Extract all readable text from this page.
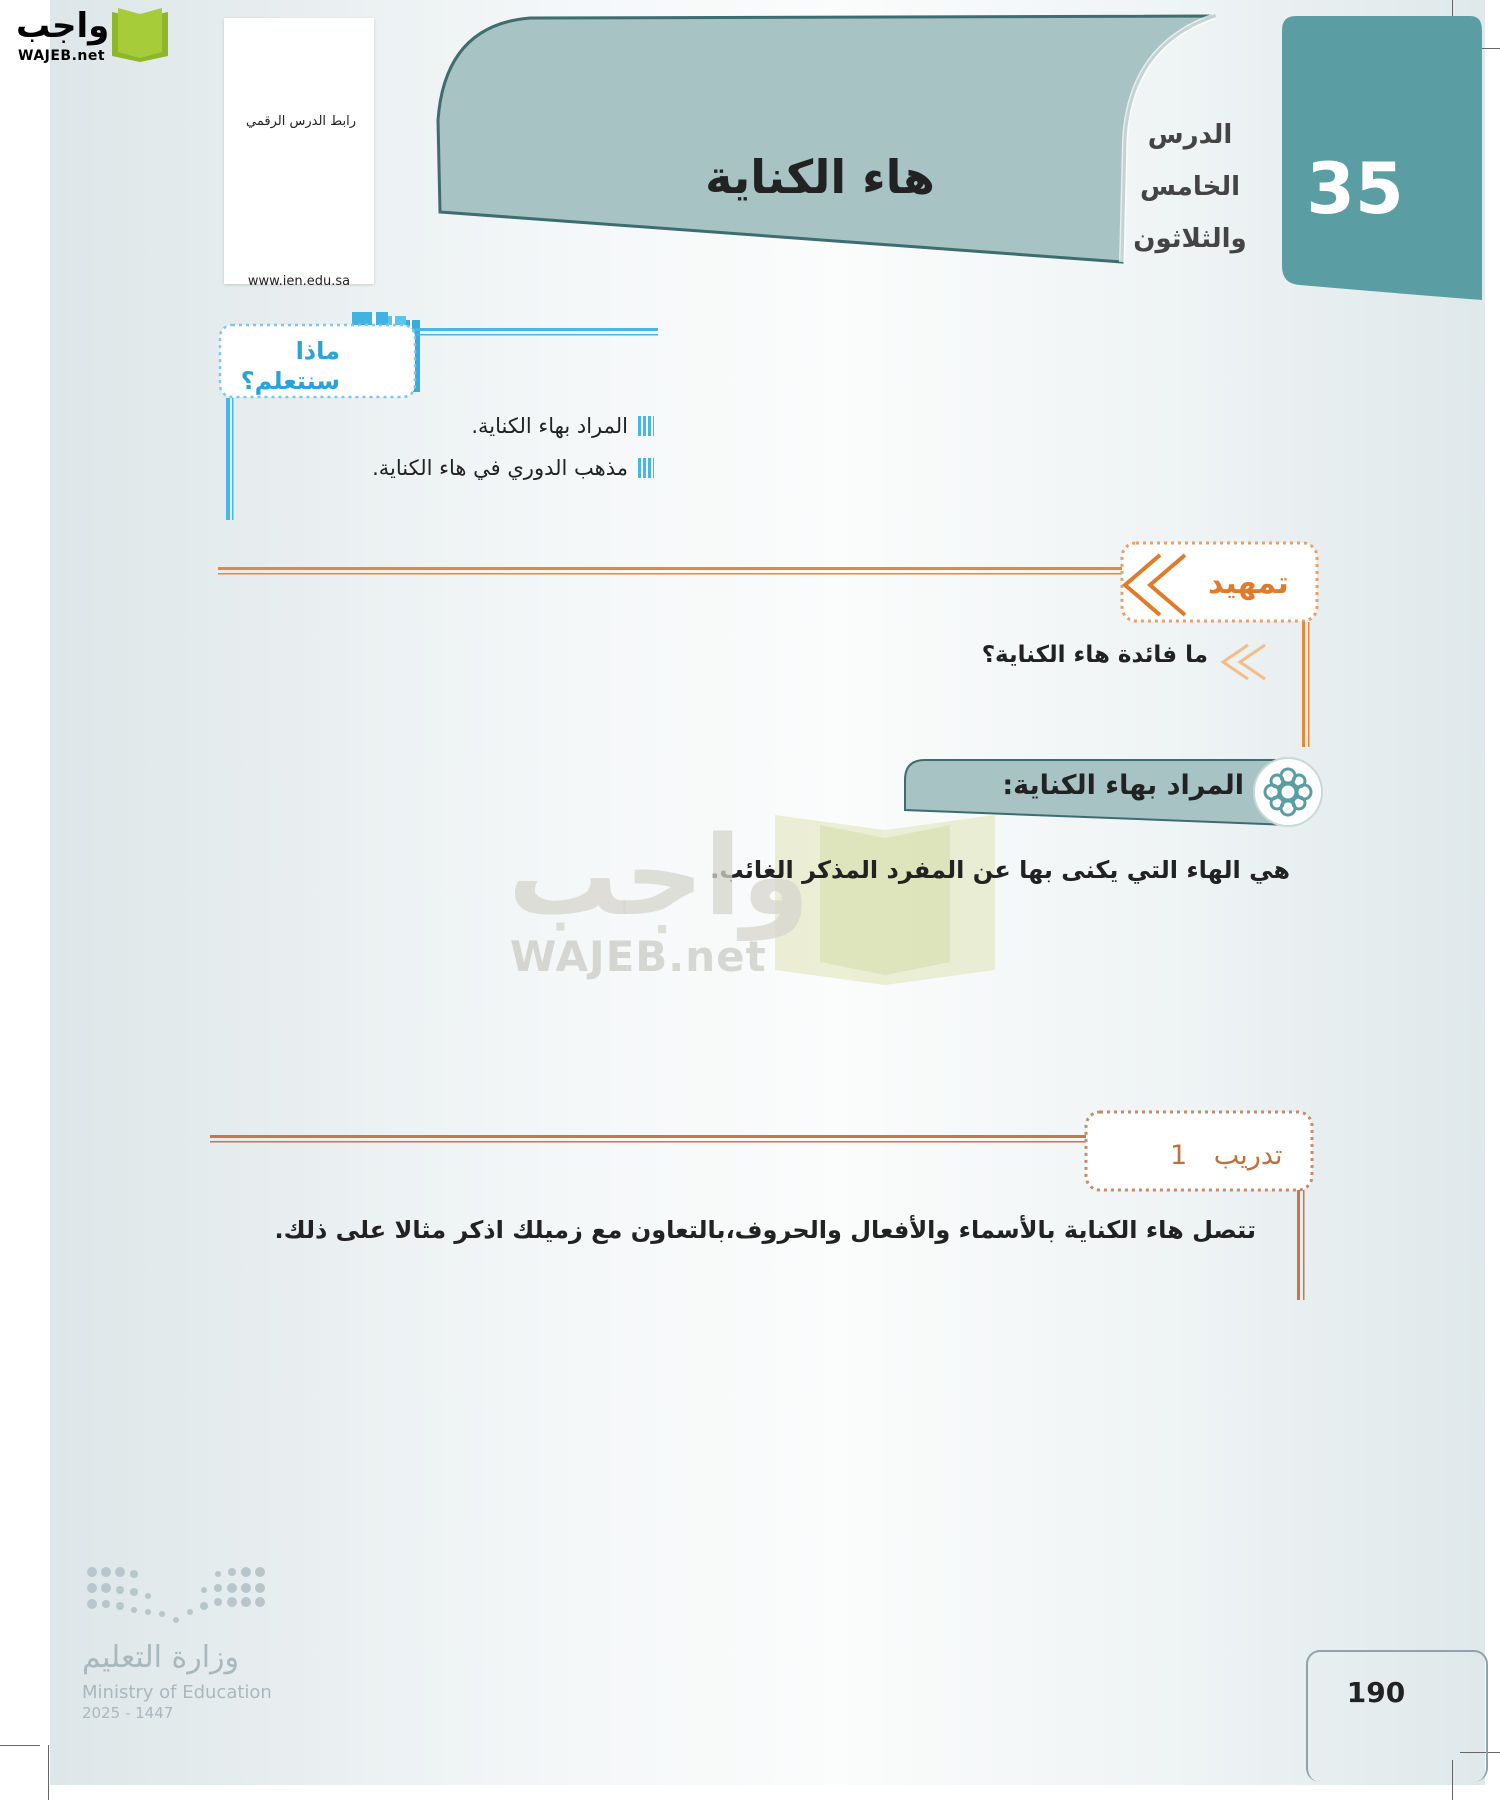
واجب
WAJEB.net
رابط الدرس الرقمي
www.ien.edu.sa
هاء الكناية	35
الدرس
الخامس
والثلاثون
ماذا
سنتعلم؟
المراد بهاء الكناية.
مذهب الدوري في هاء الكناية.
تمهيد
ما فائدة هاء الكناية؟
المراد بهاء الكناية:
هي الهاء التي يكنى بها عن المفرد المذكر الغائب.
واجب
WAJEB.net
تدريب 1
تتصل هاء الكناية بالأسماء والأفعال والحروف،بالتعاون مع زميلك اذكر مثالا على ذلك.
وزارة التعليم
Ministry of Education
2025 - 1447
190
